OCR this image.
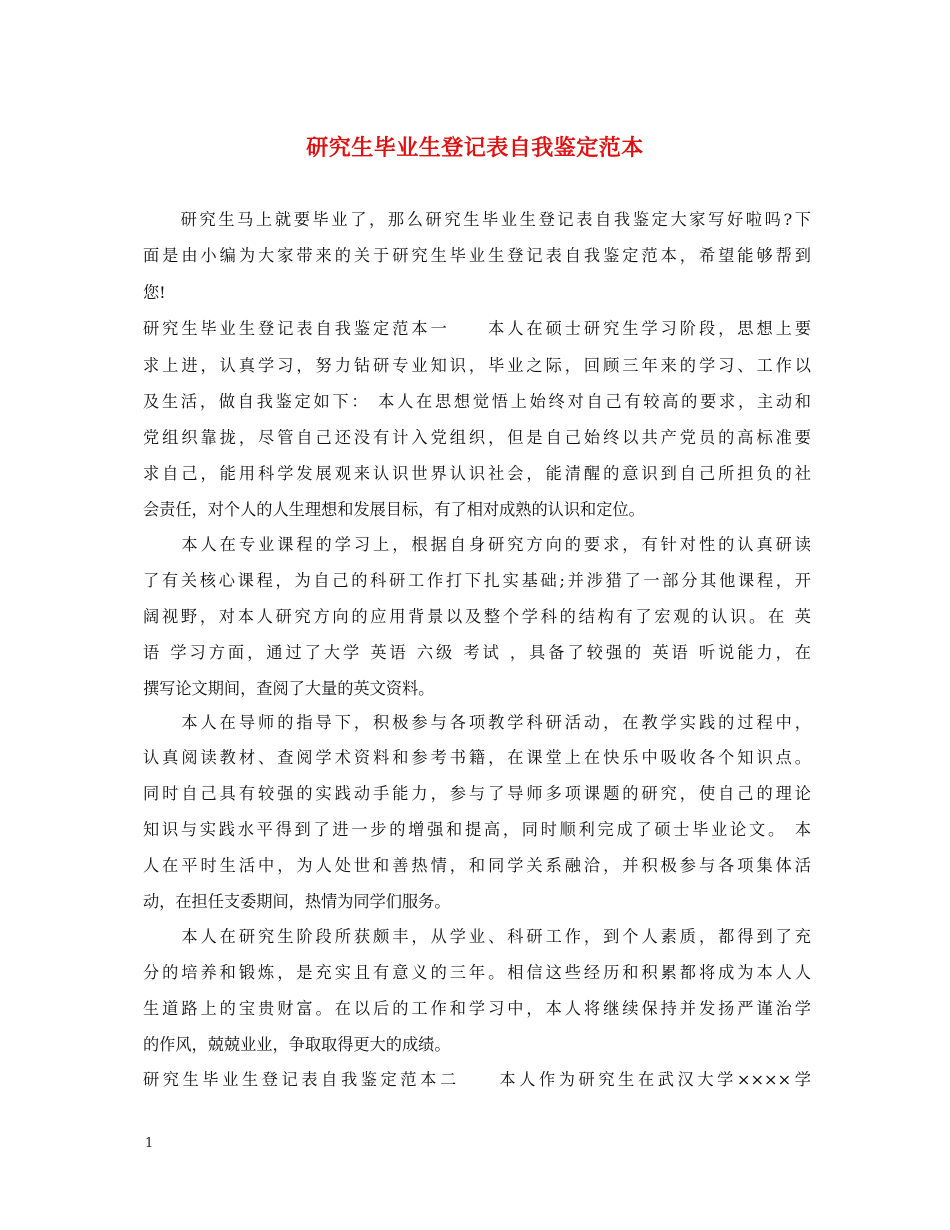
研究生毕业生登记表自我鉴定范本
　　研究生马上就要毕业了，那么研究生毕业生登记表自我鉴定大家写好啦吗?下
面是由小编为大家带来的关于研究生毕业生登记表自我鉴定范本，希望能够帮到
您!
研究生毕业生登记表自我鉴定范本一　　本人在硕士研究生学习阶段，思想上要
求上进，认真学习，努力钻研专业知识，毕业之际，回顾三年来的学习、工作以
及生活，做自我鉴定如下： 本人在思想觉悟上始终对自己有较高的要求，主动和
党组织靠拢，尽管自己还没有计入党组织，但是自己始终以共产党员的高标准要
求自己，能用科学发展观来认识世界认识社会，能清醒的意识到自己所担负的社
会责任，对个人的人生理想和发展目标，有了相对成熟的认识和定位。
　　本人在专业课程的学习上，根据自身研究方向的要求，有针对性的认真研读
了有关核心课程，为自己的科研工作打下扎实基础;并涉猎了一部分其他课程，开
阔视野，对本人研究方向的应用背景以及整个学科的结构有了宏观的认识。在 英
语 学习方面，通过了大学 英语 六级 考试 ，具备了较强的 英语 听说能力，在
撰写论文期间，查阅了大量的英文资料。
　　本人在导师的指导下，积极参与各项教学科研活动，在教学实践的过程中，
认真阅读教材、查阅学术资料和参考书籍，在课堂上在快乐中吸收各个知识点。
同时自己具有较强的实践动手能力，参与了导师多项课题的研究，使自己的理论
知识与实践水平得到了进一步的增强和提高，同时顺利完成了硕士毕业论文。 本
人在平时生活中，为人处世和善热情，和同学关系融洽，并积极参与各项集体活
动，在担任支委期间，热情为同学们服务。
　　本人在研究生阶段所获颇丰，从学业、科研工作，到个人素质，都得到了充
分的培养和锻炼，是充实且有意义的三年。相信这些经历和积累都将成为本人人
生道路上的宝贵财富。在以后的工作和学习中，本人将继续保持并发扬严谨治学
的作风，兢兢业业，争取取得更大的成绩。
研究生毕业生登记表自我鉴定范本二　　本人作为研究生在武汉大学××××学
1
